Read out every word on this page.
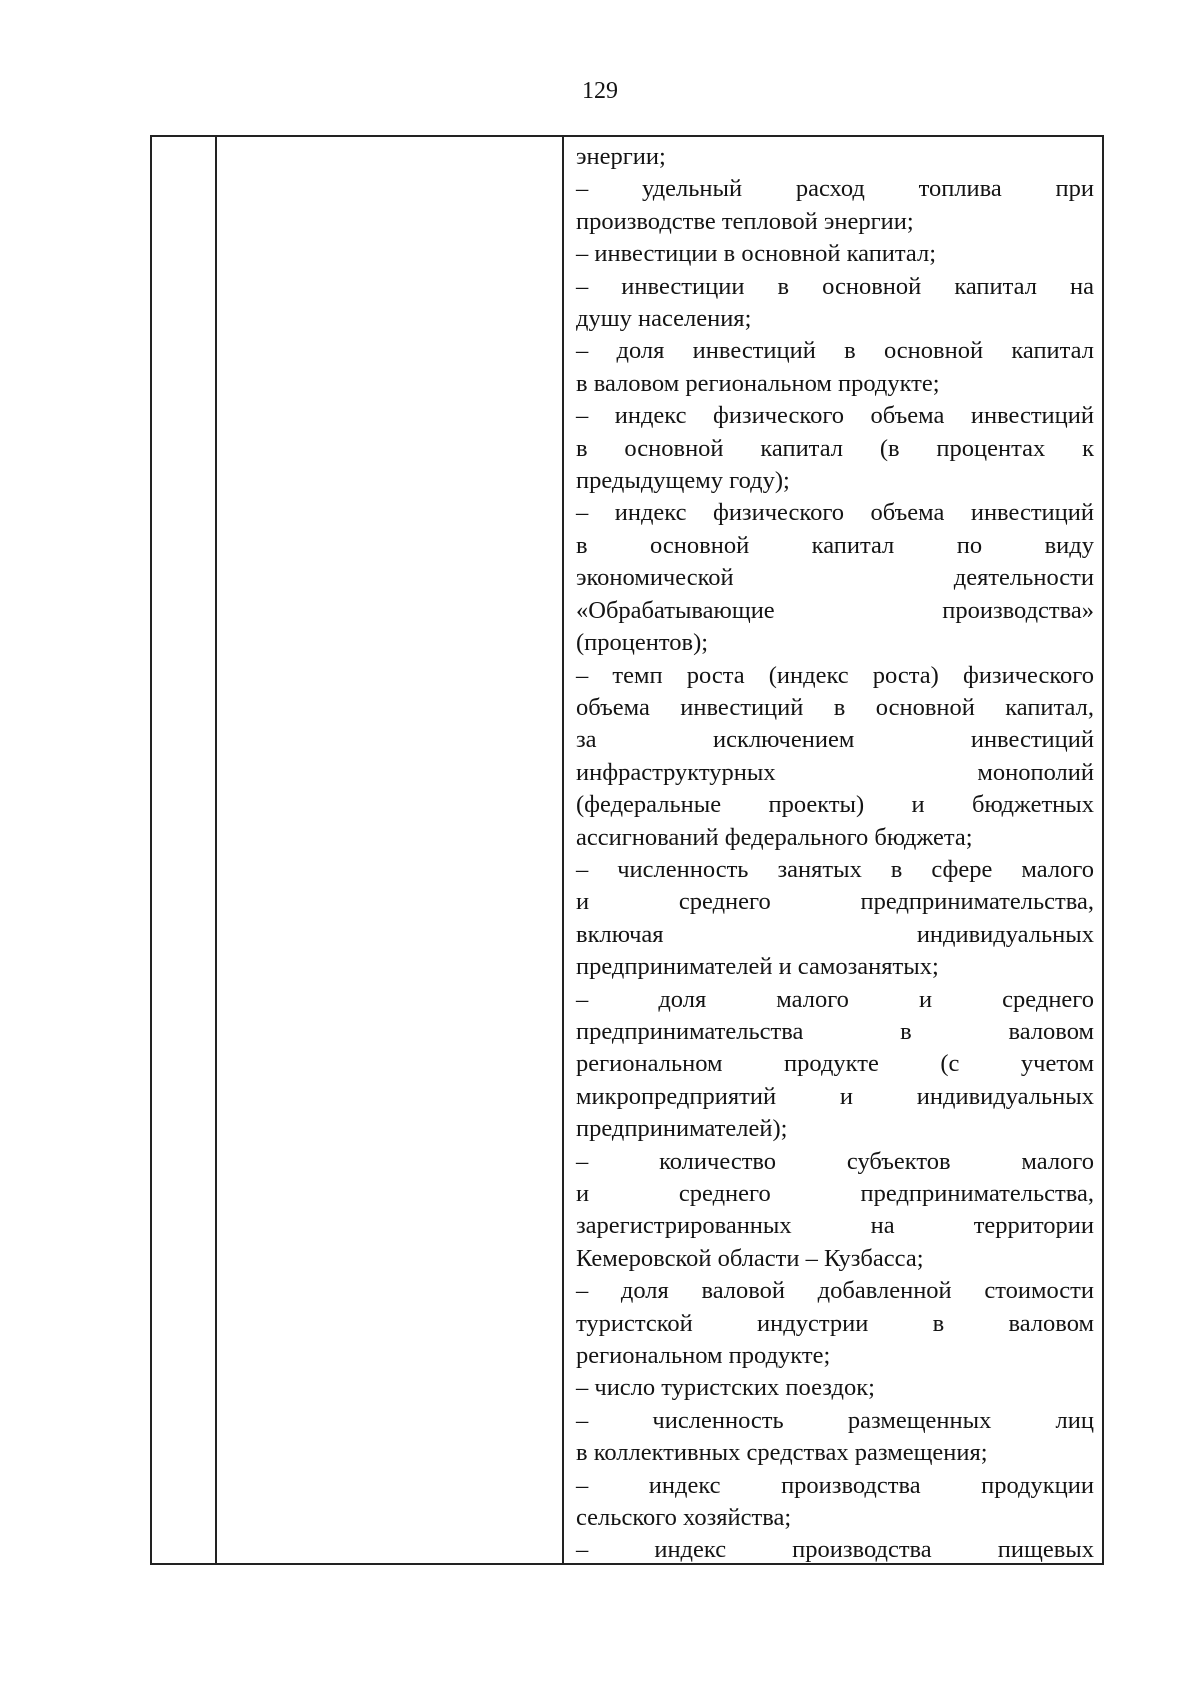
129
энергии;
– удельный расход топлива при
производстве тепловой энергии;
– инвестиции в основной капитал;
– инвестиции в основной капитал на
душу населения;
– доля инвестиций в основной капитал
в валовом региональном продукте;
– индекс физического объема инвестиций
в основной капитал (в процентах к
предыдущему году);
– индекс физического объема инвестиций
в основной капитал по виду
экономической деятельности
«Обрабатывающие производства»
(процентов);
– темп роста (индекс роста) физического
объема инвестиций в основной капитал,
за исключением инвестиций
инфраструктурных монополий
(федеральные проекты) и бюджетных
ассигнований федерального бюджета;
– численность занятых в сфере малого
и среднего предпринимательства,
включая индивидуальных
предпринимателей и самозанятых;
– доля малого и среднего
предпринимательства в валовом
региональном продукте (с учетом
микропредприятий и индивидуальных
предпринимателей);
– количество субъектов малого
и среднего предпринимательства,
зарегистрированных на территории
Кемеровской области – Кузбасса;
– доля валовой добавленной стоимости
туристской индустрии в валовом
региональном продукте;
– число туристских поездок;
– численность размещенных лиц
в коллективных средствах размещения;
– индекс производства продукции
сельского хозяйства;
– индекс производства пищевых
